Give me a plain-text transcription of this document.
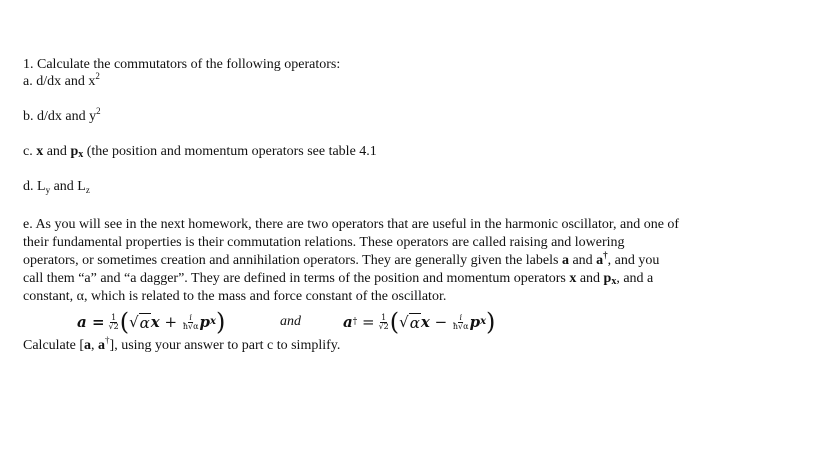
1. Calculate the commutators of the following operators:
a. d/dx and $x^2$
b. d/dx and $y^2$
c. x and px (the position and momentum operators see table 4.1
d. $L_y$ and $L_z$
e. As you will see in the next homework, there are two operators that are useful in the harmonic oscillator, and one of
their fundamental properties is their commutation relations. These operators are called raising and lowering
operators, or sometimes creation and annihilation operators. They are generally given the labels a and a†, and you
call them “a” and “a dagger”. They are defined in terms of the position and momentum operators x and px, and a
constant, α, which is related to the mass and force constant of the oscillator.
$a = \frac{1}{√2}$ ( √ α $x + \frac{i}{ħ√\alpha}$ p x )	and	a † = $\frac{1}{√2}$ ( √ α $x - \frac{i}{ħ√\alpha}$ p x )
Calculate [a, a†], using your answer to part c to simplify.
